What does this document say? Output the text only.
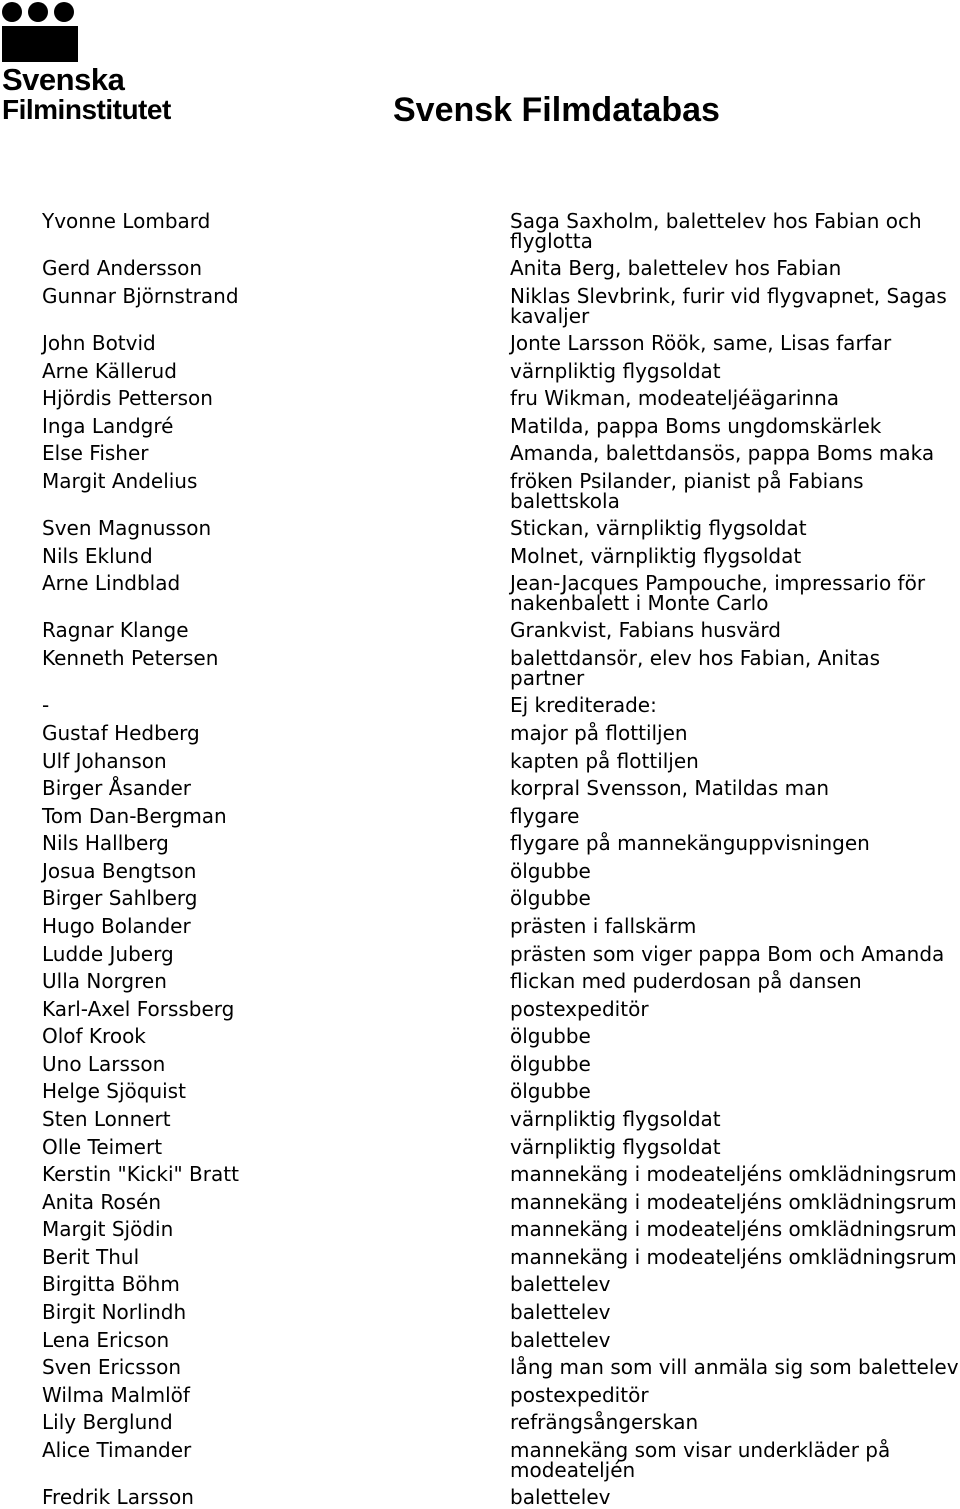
Svenska
Filminstitutet	Svensk Filmdatabas
Yvonne Lombard	Saga Saxholm, balettelev hos Fabian och flyglotta
Gerd Andersson	Anita Berg, balettelev hos Fabian
Gunnar Björnstrand	Niklas Slevbrink, furir vid flygvapnet, Sagas kavaljer
John Botvid	Jonte Larsson Röök, same, Lisas farfar
Arne Källerud	värnpliktig flygsoldat
Hjördis Petterson	fru Wikman, modeateljéägarinna
Inga Landgré	Matilda, pappa Boms ungdomskärlek
Else Fisher	Amanda, balettdansös, pappa Boms maka
Margit Andelius	fröken Psilander, pianist på Fabians balettskola
Sven Magnusson	Stickan, värnpliktig flygsoldat
Nils Eklund	Molnet, värnpliktig flygsoldat
Arne Lindblad	Jean-Jacques Pampouche, impressario för nakenbalett i Monte Carlo
Ragnar Klange	Grankvist, Fabians husvärd
Kenneth Petersen	balettdansör, elev hos Fabian, Anitas partner
-	Ej krediterade:
Gustaf Hedberg	major på flottiljen
Ulf Johanson	kapten på flottiljen
Birger Åsander	korpral Svensson, Matildas man
Tom Dan-Bergman	flygare
Nils Hallberg	flygare på mannekänguppvisningen
Josua Bengtson	ölgubbe
Birger Sahlberg	ölgubbe
Hugo Bolander	prästen i fallskärm
Ludde Juberg	prästen som viger pappa Bom och Amanda
Ulla Norgren	flickan med puderdosan på dansen
Karl-Axel Forssberg	postexpeditör
Olof Krook	ölgubbe
Uno Larsson	ölgubbe
Helge Sjöquist	ölgubbe
Sten Lonnert	värnpliktig flygsoldat
Olle Teimert	värnpliktig flygsoldat
Kerstin "Kicki" Bratt	mannekäng i modeateljéns omklädningsrum
Anita Rosén	mannekäng i modeateljéns omklädningsrum
Margit Sjödin	mannekäng i modeateljéns omklädningsrum
Berit Thul	mannekäng i modeateljéns omklädningsrum
Birgitta Böhm	balettelev
Birgit Norlindh	balettelev
Lena Ericson	balettelev
Sven Ericsson	lång man som vill anmäla sig som balettelev
Wilma Malmlöf	postexpeditör
Lily Berglund	refrängsångerskan
Alice Timander	mannekäng som visar underkläder på modeateljén
Fredrik Larsson	balettelev
